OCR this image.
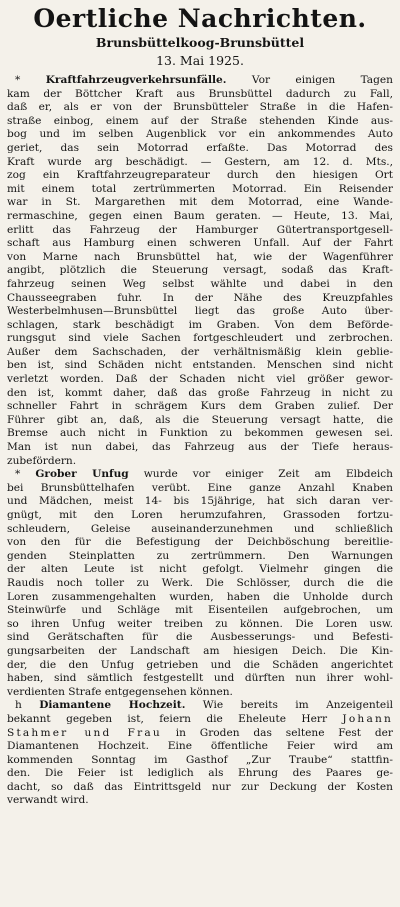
Oertliche Nachrichten.
Brunsbüttelkoog-Brunsbüttel
13. Mai 1925.
* Kraftfahrzeugverkehrsunfälle. Vor einigen Tagen
kam der Böttcher Kraft aus Brunsbüttel dadurch zu Fall,
daß er, als er von der Brunsbütteler Straße in die Hafen-
straße einbog, einem auf der Straße stehenden Kinde aus-
bog und im selben Augenblick vor ein ankommendes Auto
geriet, das sein Motorrad erfaßte. Das Motorrad des
Kraft wurde arg beschädigt. — Gestern, am 12. d. Mts.,
zog ein Kraftfahrzeugreparateur durch den hiesigen Ort
mit einem total zertrümmerten Motorrad. Ein Reisender
war in St. Margarethen mit dem Motorrad, eine Wande-
rermaschine, gegen einen Baum geraten. — Heute, 13. Mai,
erlitt das Fahrzeug der Hamburger Gütertransportgesell-
schaft aus Hamburg einen schweren Unfall. Auf der Fahrt
von Marne nach Brunsbüttel hat, wie der Wagenführer
angibt, plötzlich die Steuerung versagt, sodaß das Kraft-
fahrzeug seinen Weg selbst wählte und dabei in den
Chausseegraben fuhr. In der Nähe des Kreuzpfahles
Westerbelmhusen—Brunsbüttel liegt das große Auto über-
schlagen, stark beschädigt im Graben. Von dem Beförde-
rungsgut sind viele Sachen fortgeschleudert und zerbrochen.
Außer dem Sachschaden, der verhältnismäßig klein geblie-
ben ist, sind Schäden nicht entstanden. Menschen sind nicht
verletzt worden. Daß der Schaden nicht viel größer gewor-
den ist, kommt daher, daß das große Fahrzeug in nicht zu
schneller Fahrt in schrägem Kurs dem Graben zulief. Der
Führer gibt an, daß, als die Steuerung versagt hatte, die
Bremse auch nicht in Funktion zu bekommen gewesen sei.
Man ist nun dabei, das Fahrzeug aus der Tiefe heraus-
zubefördern.
* Grober Unfug wurde vor einiger Zeit am Elbdeich
bei Brunsbüttelhafen verübt. Eine ganze Anzahl Knaben
und Mädchen, meist 14- bis 15jährige, hat sich daran ver-
gnügt, mit den Loren herumzufahren, Grassoden fortzu-
schleudern, Geleise auseinanderzunehmen und schließlich
von den für die Befestigung der Deichböschung bereitlie-
genden Steinplatten zu zertrümmern. Den Warnungen
der alten Leute ist nicht gefolgt. Vielmehr gingen die
Raudis noch toller zu Werk. Die Schlösser, durch die die
Loren zusammengehalten wurden, haben die Unholde durch
Steinwürfe und Schläge mit Eisenteilen aufgebrochen, um
so ihren Unfug weiter treiben zu können. Die Loren usw.
sind Gerätschaften für die Ausbesserungs- und Befesti-
gungsarbeiten der Landschaft am hiesigen Deich. Die Kin-
der, die den Unfug getrieben und die Schäden angerichtet
haben, sind sämtlich festgestellt und dürften nun ihrer wohl-
verdienten Strafe entgegensehen können.
h Diamantene Hochzeit. Wie bereits im Anzeigenteil
bekannt gegeben ist, feiern die Eheleute Herr Johann
Stahmer und Frau in Groden das seltene Fest der
Diamantenen Hochzeit. Eine öffentliche Feier wird am
kommenden Sonntag im Gasthof „Zur Traube“ stattfin-
den. Die Feier ist lediglich als Ehrung des Paares ge-
dacht, so daß das Eintrittsgeld nur zur Deckung der Kosten
verwandt wird.
